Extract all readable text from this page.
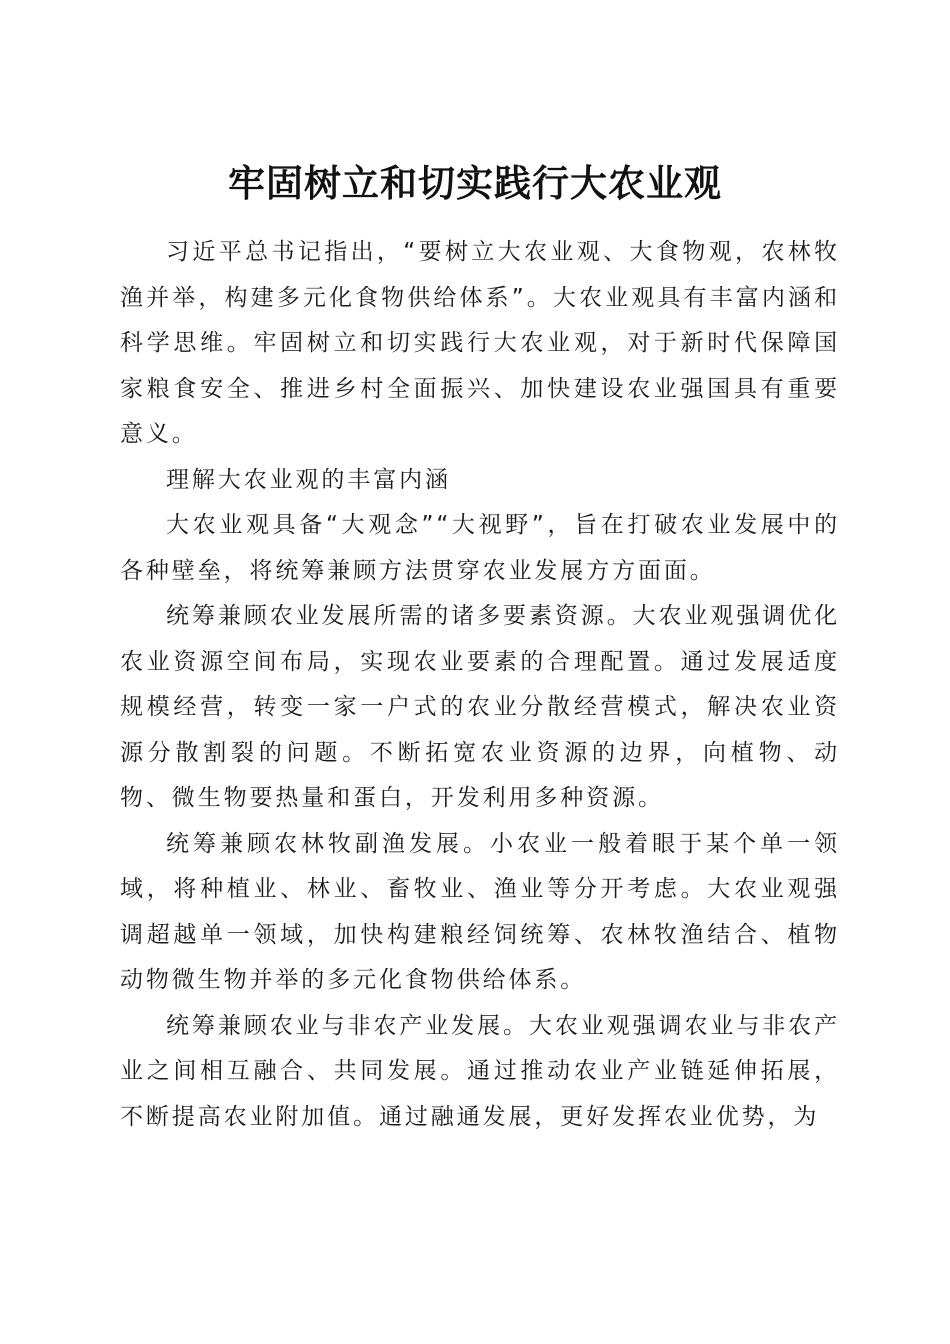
牢固树立和切实践行大农业观

习近平总书记指出，“要树立大农业观、大食物观，农林牧渔并举，构建多元化食物供给体系”。大农业观具有丰富内涵和科学思维。牢固树立和切实践行大农业观，对于新时代保障国家粮食安全、推进乡村全面振兴、加快建设农业强国具有重要意义。

理解大农业观的丰富内涵

大农业观具备“大观念”“大视野”，旨在打破农业发展中的各种壁垒，将统筹兼顾方法贯穿农业发展方方面面。

统筹兼顾农业发展所需的诸多要素资源。大农业观强调优化农业资源空间布局，实现农业要素的合理配置。通过发展适度规模经营，转变一家一户式的农业分散经营模式，解决农业资源分散割裂的问题。不断拓宽农业资源的边界，向植物、动物、微生物要热量和蛋白，开发利用多种资源。

统筹兼顾农林牧副渔发展。小农业一般着眼于某个单一领域，将种植业、林业、畜牧业、渔业等分开考虑。大农业观强调超越单一领域，加快构建粮经饲统筹、农林牧渔结合、植物动物微生物并举的多元化食物供给体系。

统筹兼顾农业与非农产业发展。大农业观强调农业与非农产业之间相互融合、共同发展。通过推动农业产业链延伸拓展，不断提高农业附加值。通过融通发展，更好发挥农业优势，为
